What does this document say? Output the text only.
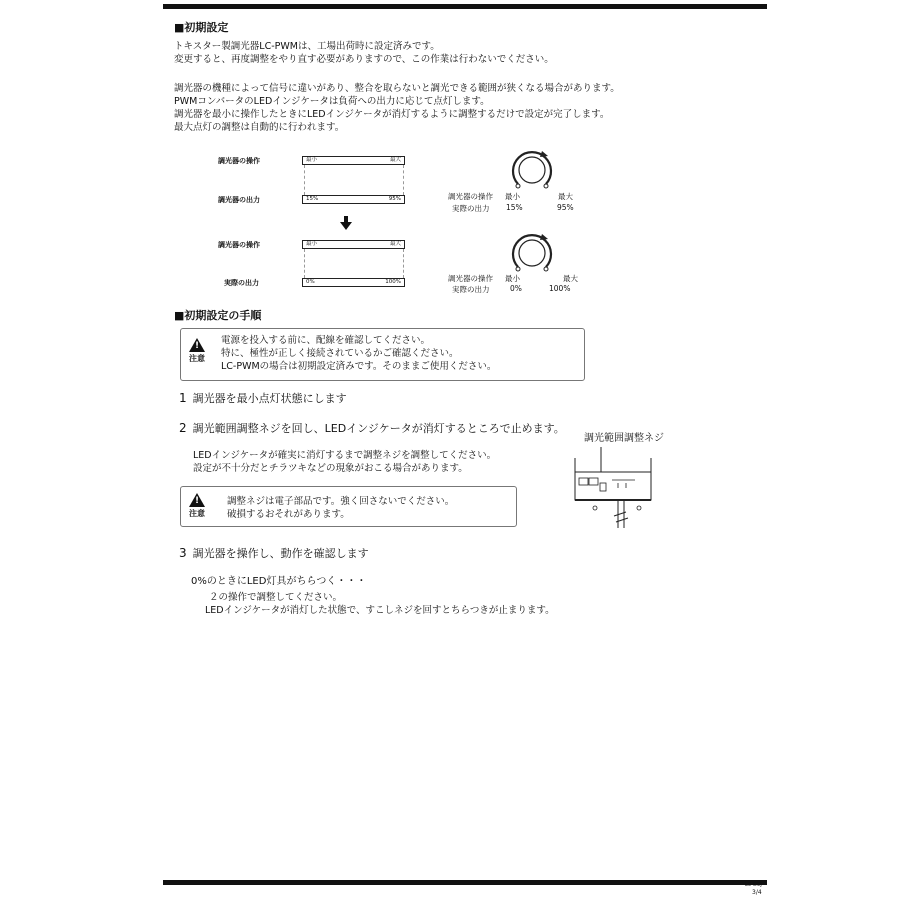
■初期設定
トキスター製調光器LC-PWMは、工場出荷時に設定済みです。
変更すると、再度調整をやり直す必要がありますので、この作業は行わないでください。
調光器の機種によって信号に違いがあり、整合を取らないと調光できる範囲が狭くなる場合があります。
PWMコンバータのLEDインジケータは負荷への出力に応じて点灯します。
調光器を最小に操作したときにLEDインジケータが消灯するように調整するだけで設定が完了します。
最大点灯の調整は自動的に行われます。
調光器の操作	最小	最大
調光器の出力	15%	95%	調光器の操作 最小	最大
実際の出力 15%	95%
調光器の操作	最小	最大
実際の出力	0%	100%	調光器の操作 最小	最大
実際の出力	0%	100%
■初期設定の手順
!
注意
電源を投入する前に、配線を確認してください。
特に、極性が正しく接続されているかご確認ください。
LC-PWMの場合は初期設定済みです。そのままご使用ください。
1 調光器を最小点灯状態にします
2 調光範囲調整ネジを回し、LEDインジケータが消灯するところで止めます。
LEDインジケータが確実に消灯するまで調整ネジを調整してください。
設定が不十分だとチラツキなどの現象がおこる場合があります。
調光範囲調整ネジ
!
注意
調整ネジは電子部品です。強く回さないでください。
破損するおそれがあります。
3 調光器を操作し、動作を確認します
0%のときにLED灯具がちらつく・・・
２の操作で調整してください。
LEDインジケータが消灯した状態で、すこしネジを回すとちらつきが止まります。
LC-DCJ
3/4
